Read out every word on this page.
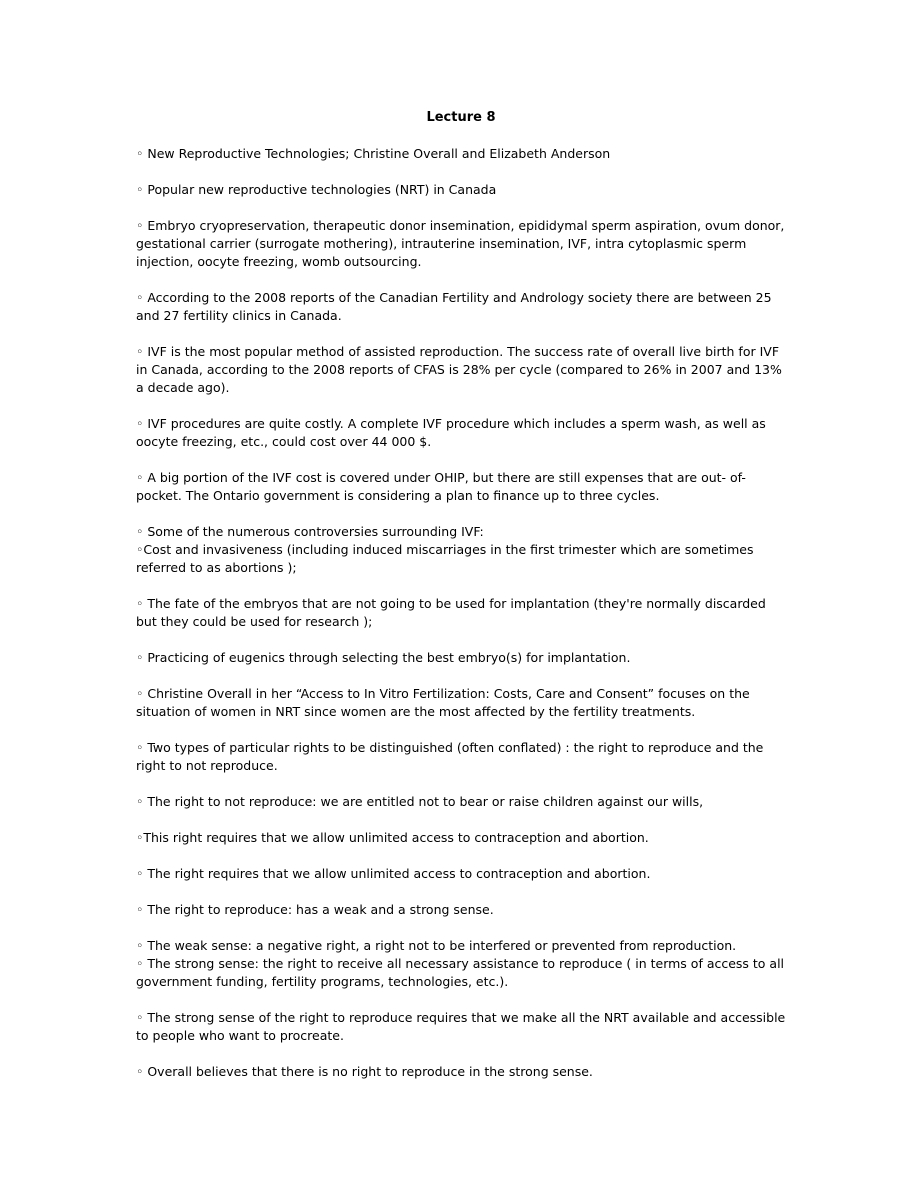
Lecture 8
◦ New Reproductive Technologies; Christine Overall and Elizabeth Anderson
◦ Popular new reproductive technologies (NRT) in Canada
◦ Embryo cryopreservation, therapeutic donor insemination, epididymal sperm aspiration, ovum donor, gestational carrier (surrogate mothering), intrauterine insemination, IVF, intra cytoplasmic sperm injection, oocyte freezing, womb outsourcing.
◦ According to the 2008 reports of the Canadian Fertility and Andrology society there are between 25 and 27 fertility clinics in Canada.
◦ IVF is the most popular method of assisted reproduction. The success rate of overall live birth for IVF in Canada, according to the 2008 reports of CFAS is 28% per cycle (compared to 26% in 2007 and 13% a decade ago).
◦ IVF procedures are quite costly. A complete IVF procedure which includes a sperm wash, as well as oocyte freezing, etc., could cost over 44 000 $.
◦ A big portion of the IVF cost is covered under OHIP, but there are still expenses that are out- of-pocket. The Ontario government is considering a plan to finance up to three cycles.
◦ Some of the numerous controversies surrounding IVF:
◦Cost and invasiveness (including induced miscarriages in the first trimester which are sometimes referred to as abortions );
◦ The fate of the embryos that are not going to be used for implantation (they're normally discarded but they could be used for research );
◦ Practicing of eugenics through selecting the best embryo(s) for implantation.
◦ Christine Overall in her “Access to In Vitro Fertilization: Costs, Care and Consent” focuses on the situation of women in NRT since women are the most affected by the fertility treatments.
◦ Two types of particular rights to be distinguished (often conflated) : the right to reproduce and the right to not reproduce.
◦ The right to not reproduce: we are entitled not to bear or raise children against our wills,
◦This right requires that we allow unlimited access to contraception and abortion.
◦ The right requires that we allow unlimited access to contraception and abortion.
◦ The right to reproduce: has a weak and a strong sense.
◦ The weak sense: a negative right, a right not to be interfered or prevented from reproduction.
◦ The strong sense: the right to receive all necessary assistance to reproduce ( in terms of access to all government funding, fertility programs, technologies, etc.).
◦ The strong sense of the right to reproduce requires that we make all the NRT available and accessible to people who want to procreate.
◦ Overall believes that there is no right to reproduce in the strong sense.
